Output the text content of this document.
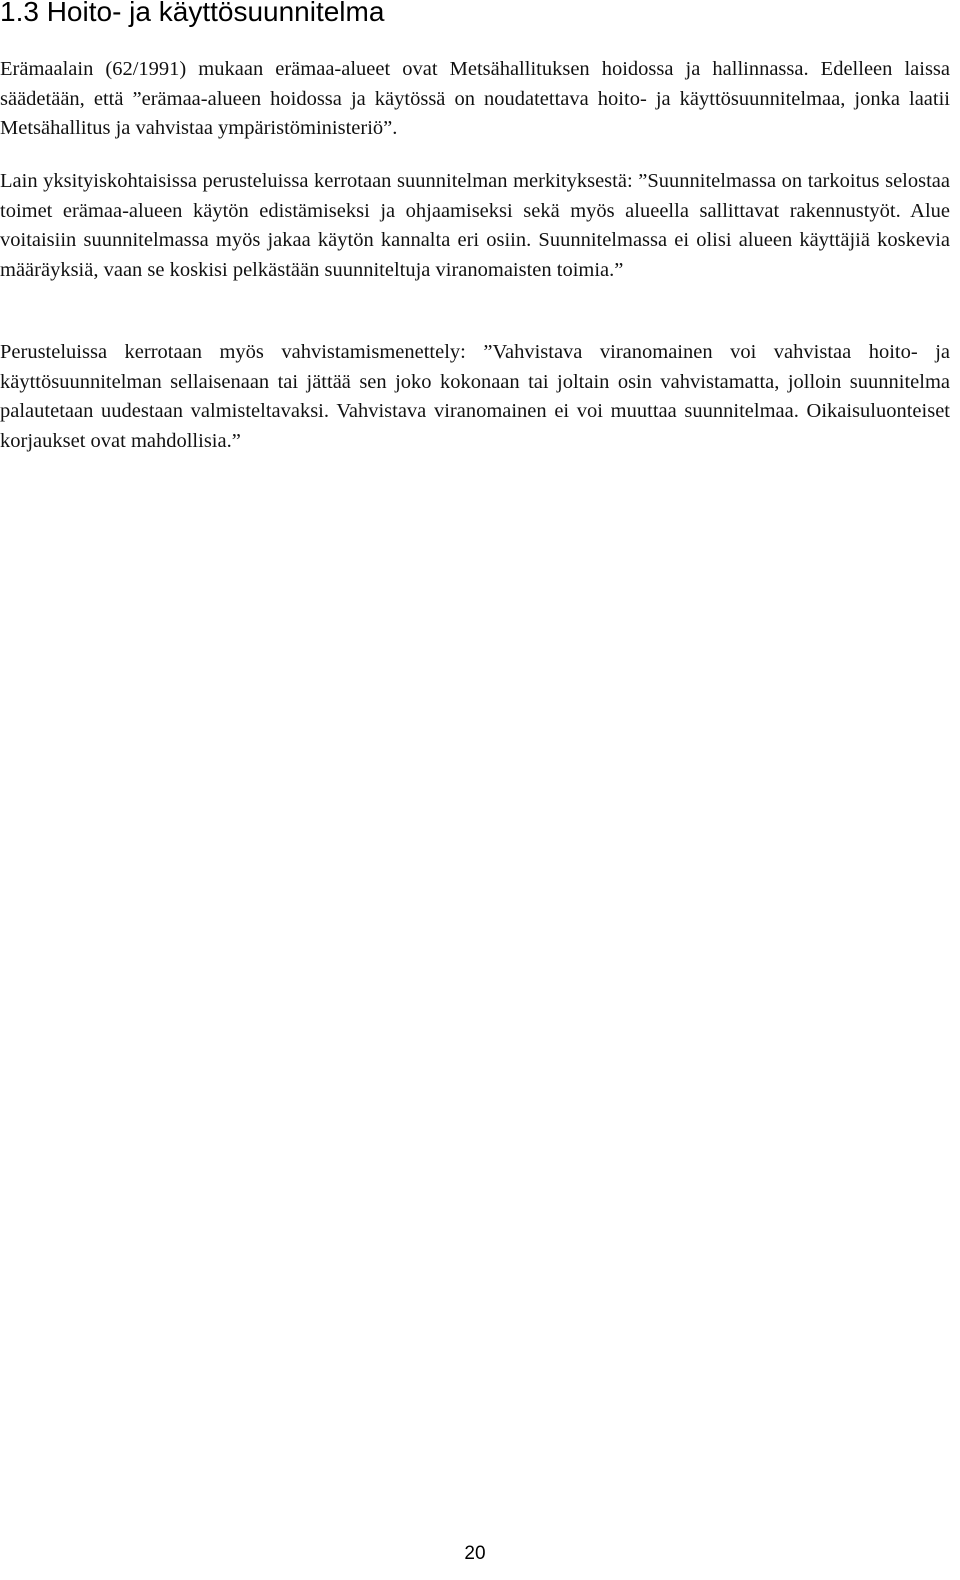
1.3 Hoito- ja käyttösuunnitelma

Erämaalain (62/1991) mukaan erämaa-alueet ovat Metsähallituksen hoidossa ja hallinnassa. Edelleen laissa säädetään, että ”erämaa-alueen hoidossa ja käytössä on noudatettava hoito- ja käyttösuunnitelmaa, jonka laatii Metsähallitus ja vahvistaa ympäristöministeriö”.

Lain yksityiskohtaisissa perusteluissa kerrotaan suunnitelman merkityksestä: ”Suunnitelmassa on tarkoitus selostaa toimet erämaa-alueen käytön edistämiseksi ja ohjaamiseksi sekä myös alueella sallittavat rakennustyöt. Alue voitaisiin suunnitelmassa myös jakaa käytön kannalta eri osiin. Suunnitelmassa ei olisi alueen käyttäjiä koskevia määräyksiä, vaan se koskisi pelkästään suunniteltuja viranomaisten toimia.”

Perusteluissa kerrotaan myös vahvistamismenettely: ”Vahvistava viranomainen voi vahvistaa hoito- ja käyttösuunnitelman sellaisenaan tai jättää sen joko kokonaan tai joltain osin vahvistamatta, jolloin suunnitelma palautetaan uudestaan valmisteltavaksi. Vahvistava viranomainen ei voi muuttaa suunnitelmaa. Oikaisuluonteiset korjaukset ovat mahdollisia.”

20
